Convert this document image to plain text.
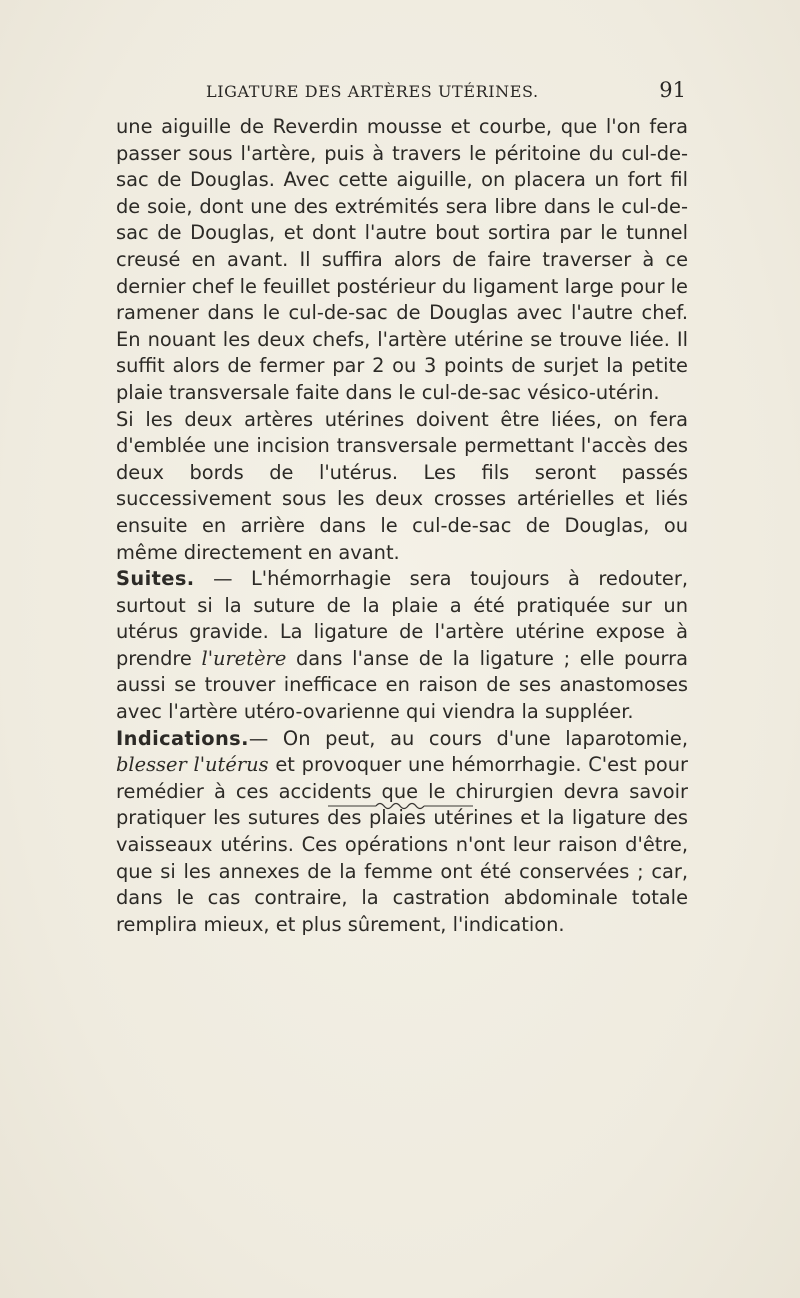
LIGATURE DES ARTÈRES UTÉRINES.	91

une aiguille de Reverdin mousse et courbe, que l'on fera passer sous l'artère, puis à travers le péritoine du cul-de-sac de Douglas. Avec cette aiguille, on placera un fort fil de soie, dont une des extrémités sera libre dans le cul-de-sac de Douglas, et dont l'autre bout sortira par le tunnel creusé en avant. Il suffira alors de faire traverser à ce dernier chef le feuillet postérieur du ligament large pour le ramener dans le cul-de-sac de Douglas avec l'autre chef. En nouant les deux chefs, l'artère utérine se trouve liée. Il suffit alors de fermer par 2 ou 3 points de surjet la petite plaie transversale faite dans le cul-de-sac vésico-utérin.

Si les deux artères utérines doivent être liées, on fera d'emblée une incision transversale permettant l'accès des deux bords de l'utérus. Les fils seront passés successivement sous les deux crosses artérielles et liés ensuite en arrière dans le cul-de-sac de Douglas, ou même directement en avant.

Suites. — L'hémorrhagie sera toujours à redouter, surtout si la suture de la plaie a été pratiquée sur un utérus gravide. La ligature de l'artère utérine expose à prendre l'uretère dans l'anse de la ligature ; elle pourra aussi se trouver inefficace en raison de ses anastomoses avec l'artère utéro-ovarienne qui viendra la suppléer.

Indications.— On peut, au cours d'une laparotomie, blesser l'utérus et provoquer une hémorrhagie. C'est pour remédier à ces accidents que le chirurgien devra savoir pratiquer les sutures des plaies utérines et la ligature des vaisseaux utérins. Ces opérations n'ont leur raison d'être, que si les annexes de la femme ont été conservées ; car, dans le cas contraire, la castration abdominale totale remplira mieux, et plus sûrement, l'indication.
